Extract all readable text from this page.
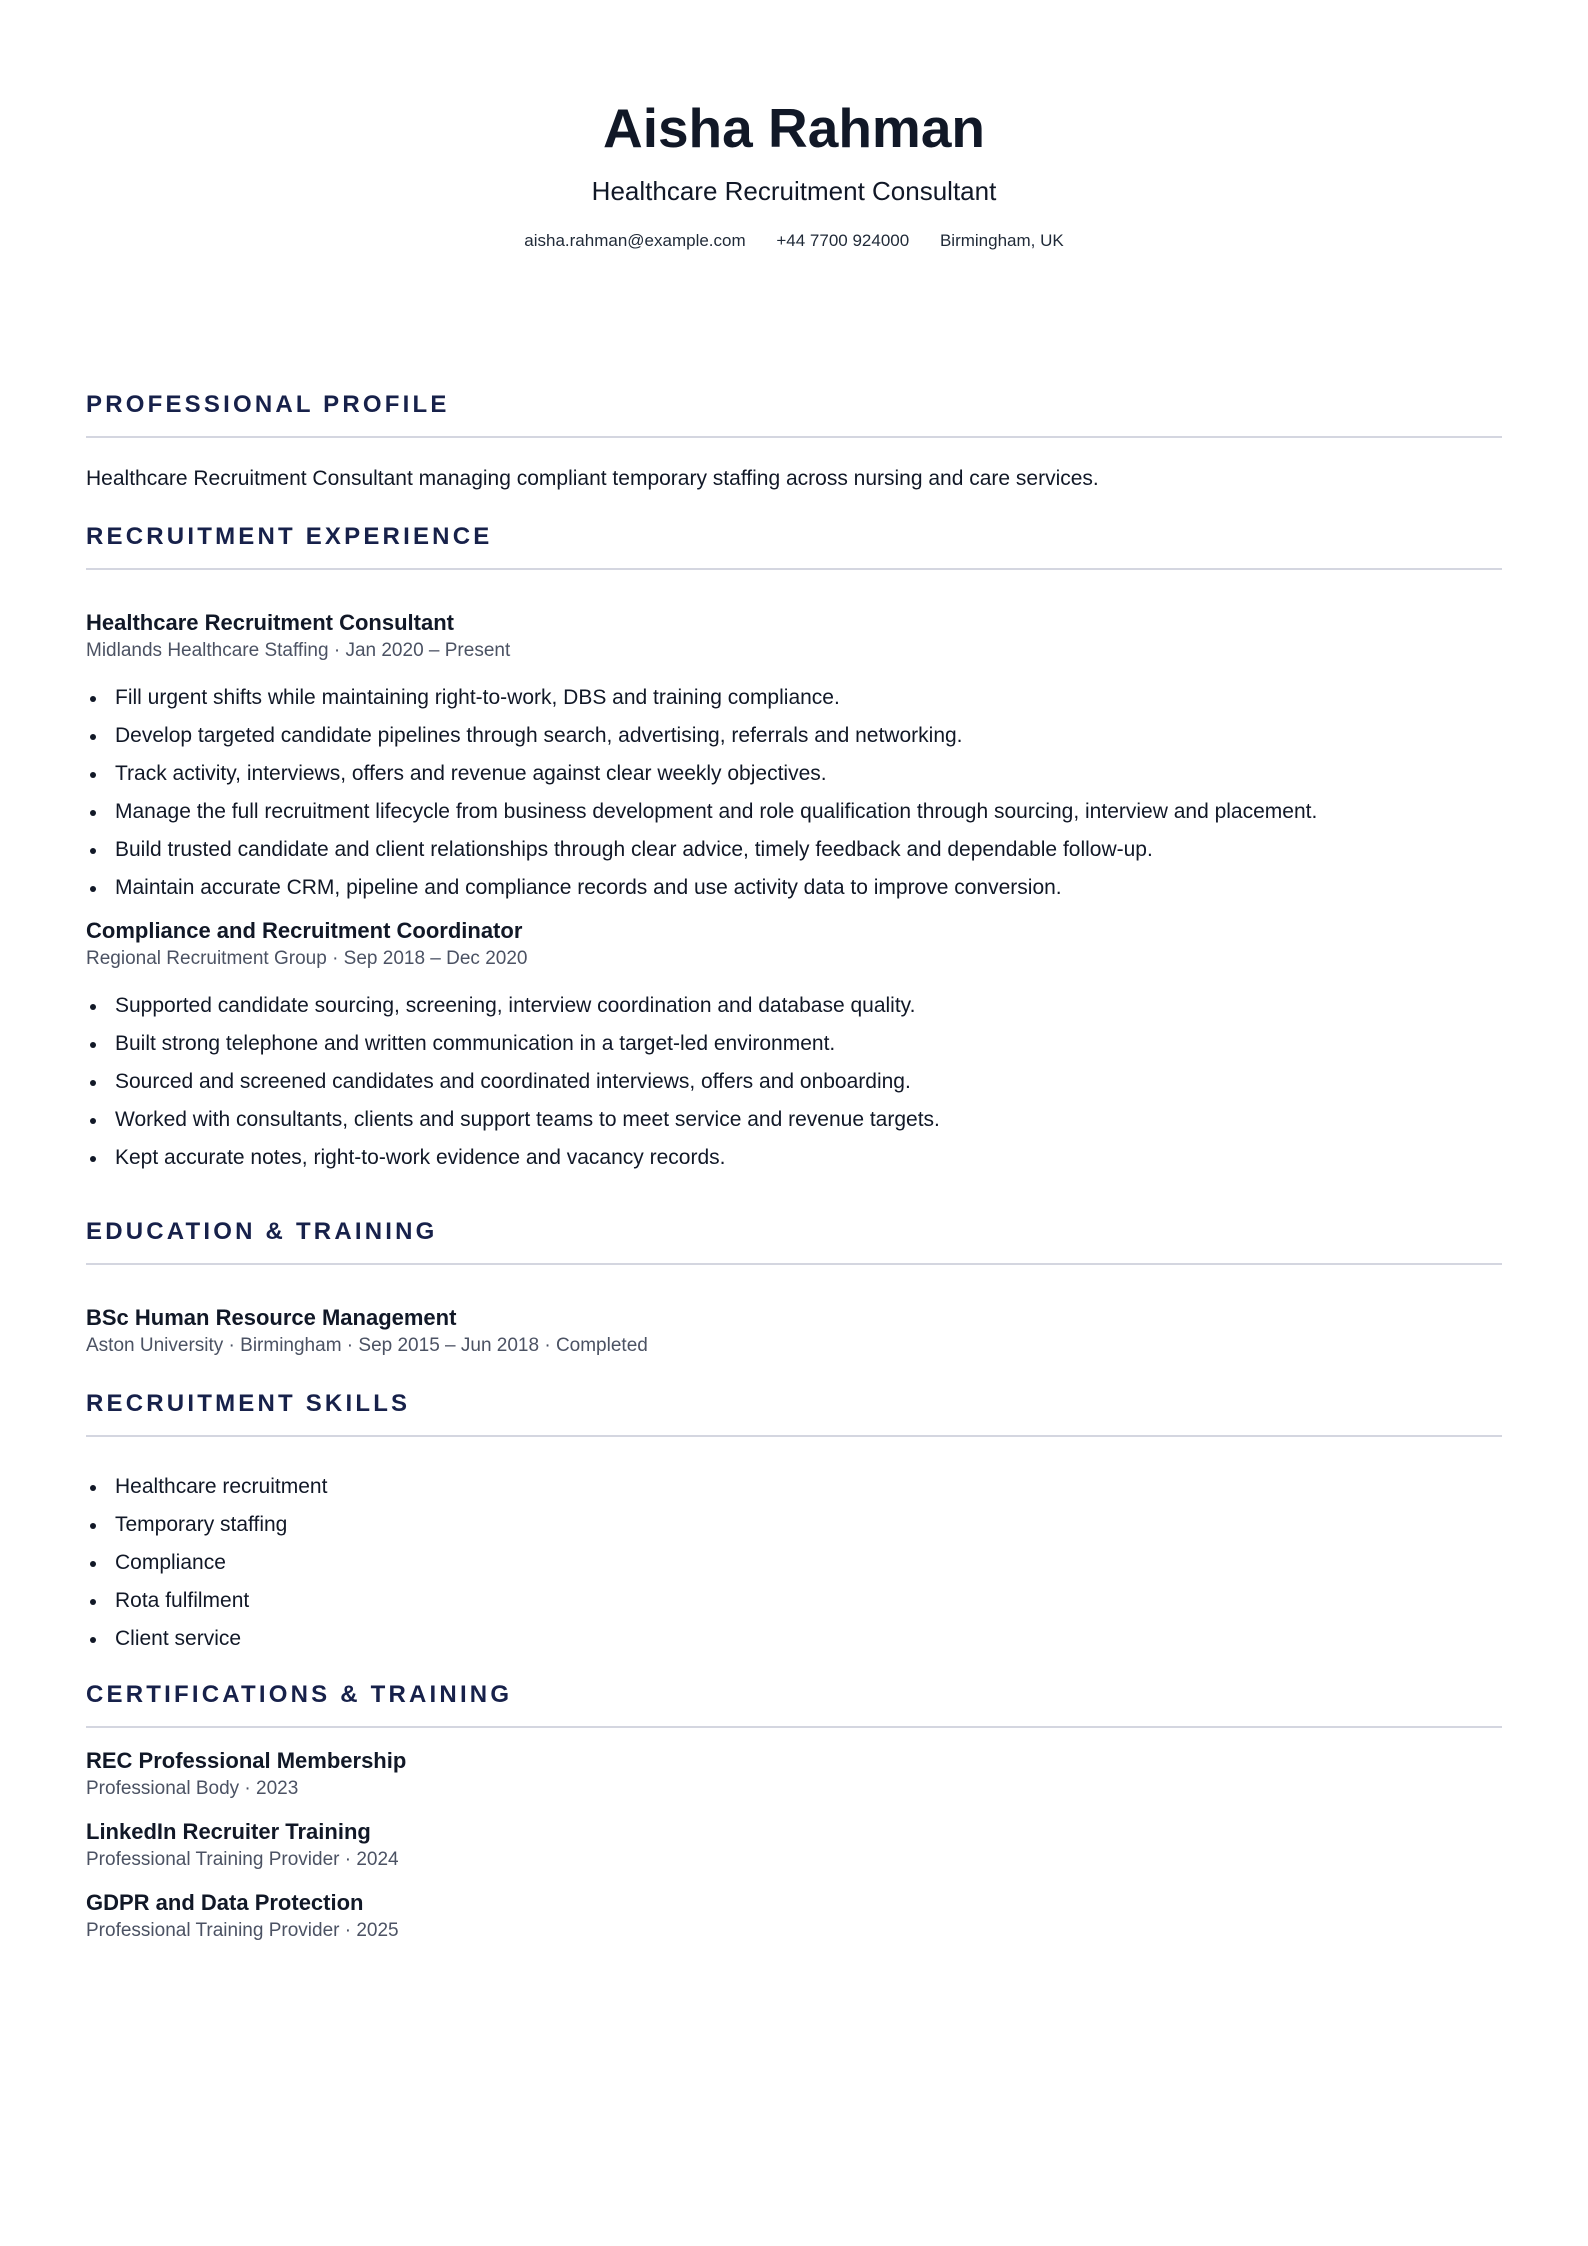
Aisha Rahman
Healthcare Recruitment Consultant
aisha.rahman@example.com +44 7700 924000 Birmingham, UK
PROFESSIONAL PROFILE
Healthcare Recruitment Consultant managing compliant temporary staffing across nursing and care services.
RECRUITMENT EXPERIENCE
Healthcare Recruitment Consultant
Midlands Healthcare Staffing · Jan 2020 – Present
Fill urgent shifts while maintaining right-to-work, DBS and training compliance.
Develop targeted candidate pipelines through search, advertising, referrals and networking.
Track activity, interviews, offers and revenue against clear weekly objectives.
Manage the full recruitment lifecycle from business development and role qualification through sourcing, interview and placement.
Build trusted candidate and client relationships through clear advice, timely feedback and dependable follow-up.
Maintain accurate CRM, pipeline and compliance records and use activity data to improve conversion.
Compliance and Recruitment Coordinator
Regional Recruitment Group · Sep 2018 – Dec 2020
Supported candidate sourcing, screening, interview coordination and database quality.
Built strong telephone and written communication in a target-led environment.
Sourced and screened candidates and coordinated interviews, offers and onboarding.
Worked with consultants, clients and support teams to meet service and revenue targets.
Kept accurate notes, right-to-work evidence and vacancy records.
EDUCATION & TRAINING
BSc Human Resource Management
Aston University · Birmingham · Sep 2015 – Jun 2018 · Completed
RECRUITMENT SKILLS
Healthcare recruitment
Temporary staffing
Compliance
Rota fulfilment
Client service
CERTIFICATIONS & TRAINING
REC Professional Membership
Professional Body · 2023
LinkedIn Recruiter Training
Professional Training Provider · 2024
GDPR and Data Protection
Professional Training Provider · 2025
